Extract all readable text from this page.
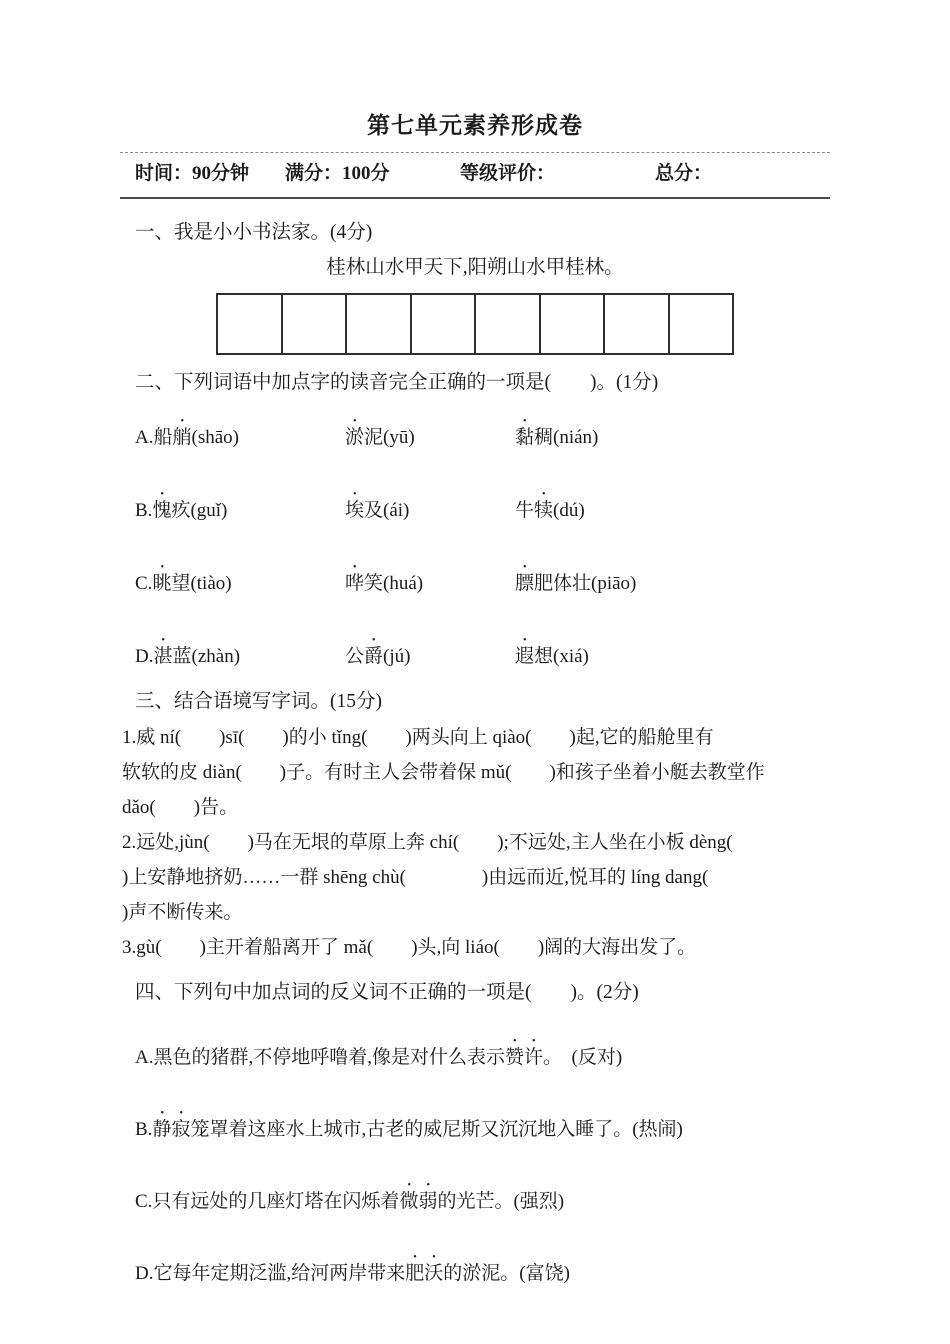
第七单元素养形成卷
时间：90分钟	满分：100分	等级评价：	总分：
一、我是小小书法家。(4分)
桂林山水甲天下,阳朔山水甲桂林。
二、下列词语中加点字的读音完全正确的一项是(　　)。(1分)
A.船艄(shāo)	淤泥(yū)	黏稠(nián)
B.愧疚(guǐ)	埃及(ái)	牛犊(dú)
C.眺望(tiào)	哗笑(huá)	膘肥体壮(piāo)
D.湛蓝(zhàn)	公爵(jú)	遐想(xiá)
三、结合语境写字词。(15分)
1.威 ní(　　)sī(　　)的小 tǐng(　　)两头向上 qiào(　　)起,它的船舱里有
软软的皮 diàn(　　)子。有时主人会带着保 mǔ(　　)和孩子坐着小艇去教堂作
dǎo(　　)告。
2.远处,jùn(　　)马在无垠的草原上奔 chí(　　);不远处,主人坐在小板 dèng(
)上安静地挤奶……一群 shēng chù(　　　　)由远而近,悦耳的 líng dang(
)声不断传来。
3.gù(　　)主开着船离开了 mǎ(　　)头,向 liáo(　　)阔的大海出发了。
四、下列句中加点词的反义词不正确的一项是(　　)。(2分)
A.黑色的猪群,不停地呼噜着,像是对什么表示赞许。　(反对)
B.静寂笼罩着这座水上城市,古老的威尼斯又沉沉地入睡了。(热闹)
C.只有远处的几座灯塔在闪烁着微弱的光芒。(强烈)
D.它每年定期泛滥,给河两岸带来肥沃的淤泥。(富饶)
